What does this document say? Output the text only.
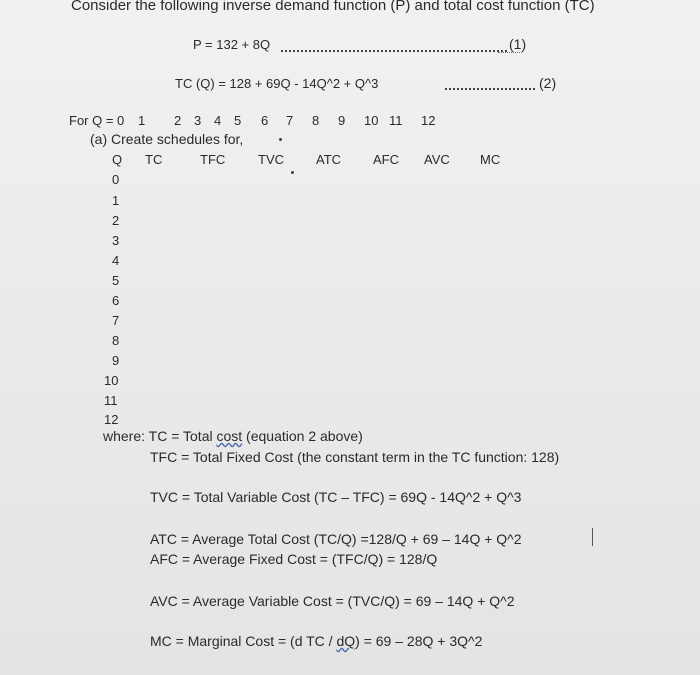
Consider the following inverse demand function (P) and total cost function (TC)
P = 132 + 8Q	(1)
TC (Q) = 128 + 69Q - 14Q^2 + Q^3	(2)
For Q = 0 1 2 3 4 5 6 7 8 9 10 11 12
(a) Create schedules for,
Q TC	TFC	TVC ATC AFC AVC MC
0
1
2
3
4
5
6
7
8
9
10
11
12
where: TC = Total cost (equation 2 above)
TFC = Total Fixed Cost (the constant term in the TC function: 128)
TVC = Total Variable Cost (TC – TFC) = 69Q - 14Q^2 + Q^3
ATC = Average Total Cost (TC/Q) =128/Q + 69 – 14Q + Q^2
AFC = Average Fixed Cost = (TFC/Q) = 128/Q
AVC = Average Variable Cost = (TVC/Q) = 69 – 14Q + Q^2
MC = Marginal Cost = (d TC / dQ) = 69 – 28Q + 3Q^2
